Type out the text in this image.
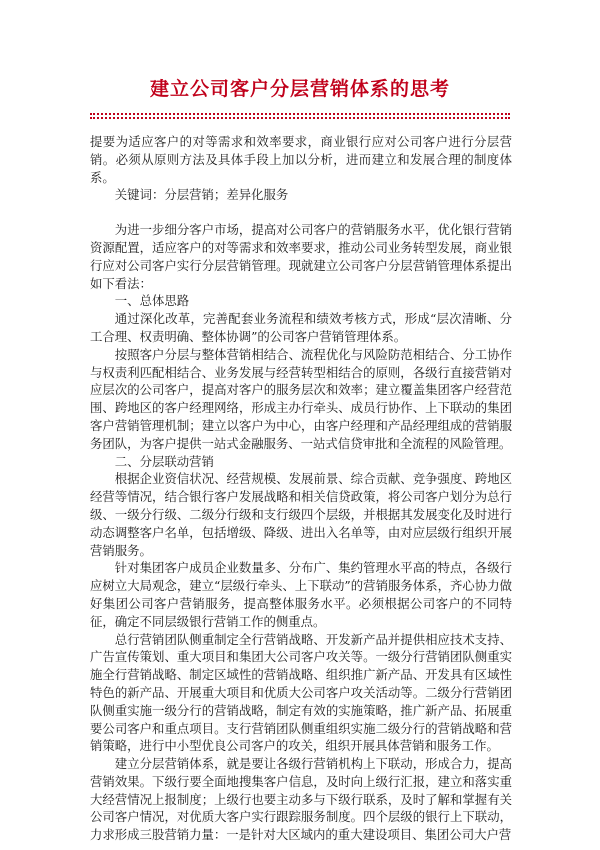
建立公司客户分层营销体系的思考

提要为适应客户的对等需求和效率要求，商业银行应对公司客户进行分层营销。必须从原则方法及具体手段上加以分析，进而建立和发展合理的制度体系。

关键词：分层营销；差异化服务

为进一步细分客户市场，提高对公司客户的营销服务水平，优化银行营销资源配置，适应客户的对等需求和效率要求，推动公司业务转型发展，商业银行应对公司客户实行分层营销管理。现就建立公司客户分层营销管理体系提出如下看法：

一、总体思路

通过深化改革，完善配套业务流程和绩效考核方式，形成“层次清晰、分工合理、权责明确、整体协调”的公司客户营销管理体系。

按照客户分层与整体营销相结合、流程优化与风险防范相结合、分工协作与权责利匹配相结合、业务发展与经营转型相结合的原则，各级行直接营销对应层次的公司客户，提高对客户的服务层次和效率；建立覆盖集团客户经营范围、跨地区的客户经理网络，形成主办行牵头、成员行协作、上下联动的集团客户营销管理机制；建立以客户为中心，由客户经理和产品经理组成的营销服务团队，为客户提供一站式金融服务、一站式信贷审批和全流程的风险管理。

二、分层联动营销

根据企业资信状况、经营规模、发展前景、综合贡献、竞争强度、跨地区经营等情况，结合银行客户发展战略和相关信贷政策，将公司客户划分为总行级、一级分行级、二级分行级和支行级四个层级，并根据其发展变化及时进行动态调整客户名单，包括增级、降级、进出入名单等，由对应层级行组织开展营销服务。

针对集团客户成员企业数量多、分布广、集约管理水平高的特点，各级行应树立大局观念，建立“层级行牵头、上下联动”的营销服务体系，齐心协力做好集团公司客户营销服务，提高整体服务水平。必须根据公司客户的不同特征，确定不同层级银行营销工作的侧重点。

总行营销团队侧重制定全行营销战略、开发新产品并提供相应技术支持、广告宣传策划、重大项目和集团大公司客户攻关等。一级分行营销团队侧重实施全行营销战略、制定区域性的营销战略、组织推广新产品、开发具有区域性特色的新产品、开展重大项目和优质大公司客户攻关活动等。二级分行营销团队侧重实施一级分行的营销战略，制定有效的实施策略，推广新产品、拓展重要公司客户和重点项目。支行营销团队侧重组织实施二级分行的营销战略和营销策略，进行中小型优良公司客户的攻关，组织开展具体营销和服务工作。

建立分层营销体系，就是要让各级行营销机构上下联动，形成合力，提高营销效果。下级行要全面地搜集客户信息，及时向上级行汇报，建立和落实重大经营情况上报制度；上级行也要主动多与下级行联系，及时了解和掌握有关公司客户情况，对优质大客户实行跟踪服务制度。四个层级的银行上下联动，力求形成三股营销力量：一是针对大区域内的重大建设项目、集团公司大户营
